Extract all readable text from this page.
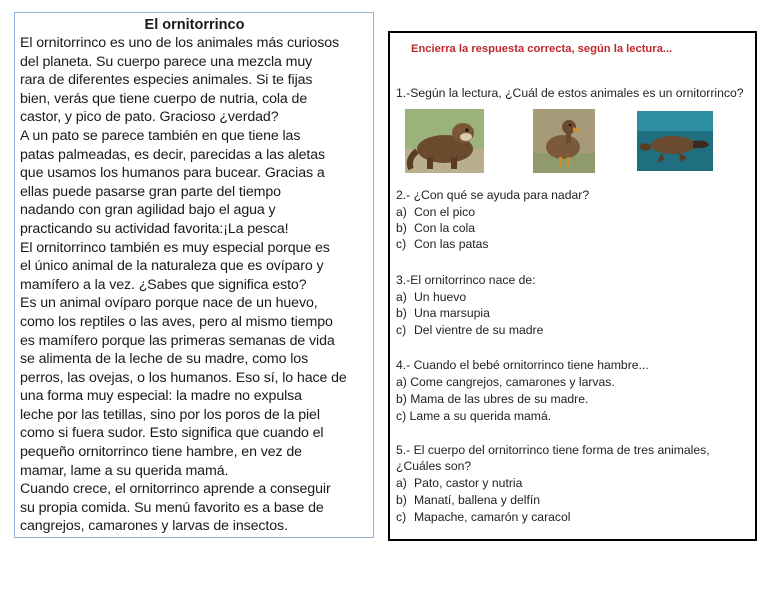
El ornitorrinco

El ornitorrinco es uno de los animales más curiosos

del planeta. Su cuerpo parece una mezcla muy

rara de diferentes especies animales. Si te fijas

bien, verás que tiene cuerpo de nutria, cola de

castor, y pico de pato. Gracioso ¿verdad?

A un pato se parece también en que tiene las

patas palmeadas, es decir, parecidas a las aletas

que usamos los humanos para bucear. Gracias a

ellas puede pasarse gran parte del tiempo

nadando con gran agilidad bajo el agua y

practicando su actividad favorita:¡La pesca!

El ornitorrinco también es muy especial porque es

el único animal de la naturaleza que es ovíparo y

mamífero a la vez. ¿Sabes que significa esto?

Es un animal ovíparo porque nace de un huevo,

como los reptiles o las aves, pero al mismo tiempo

es mamífero porque las primeras semanas de vida

se alimenta de la leche de su madre, como los

perros, las ovejas, o los humanos. Eso sí, lo hace de

una forma muy especial: la madre no expulsa

leche por las tetillas, sino por los poros de la piel

como si fuera sudor. Esto significa que cuando el

pequeño ornitorrinco tiene hambre, en vez de

mamar, lame a su querida mamá.

Cuando crece, el ornitorrinco aprende a conseguir

su propia comida. Su menú favorito es a base de

cangrejos, camarones y larvas de insectos.

Encierra la respuesta correcta, según la lectura...
1.-Según la lectura, ¿Cuál de estos animales es un ornitorrinco?
2.- ¿Con qué se ayuda para nadar?
a) Con el pico
b) Con la cola
c) Con las patas
3.-El ornitorrinco nace de:
a) Un huevo
b) Una marsupia
c) Del vientre de su madre
4.- Cuando el bebé ornitorrinco tiene hambre...
a) Come cangrejos, camarones y larvas.
b) Mama de las ubres de su madre.
c) Lame a su querida mamá.
5.- El cuerpo del ornitorrinco tiene forma de tres animales,
¿Cuáles son?
a) Pato, castor y nutria
b) Manatí, ballena y delfín
c) Mapache, camarón y caracol
